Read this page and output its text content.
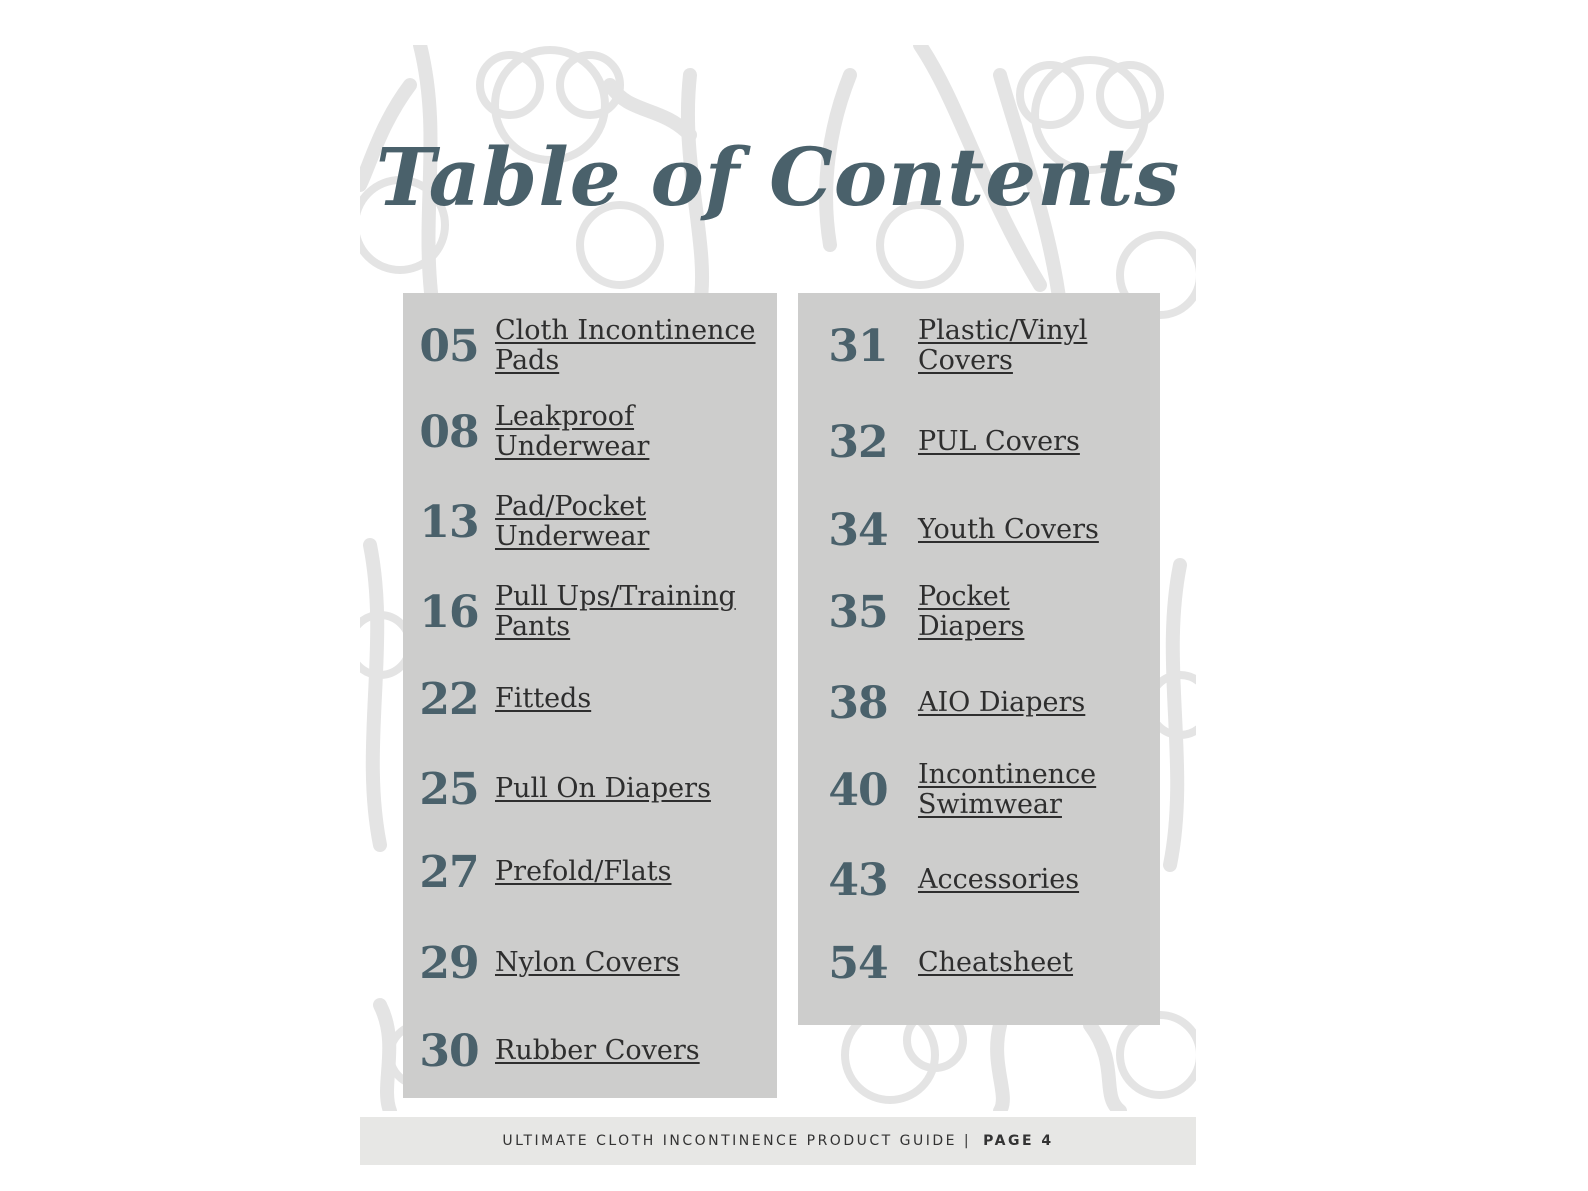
Table of Contents
05 Cloth Incontinence Pads
08 Leakproof Underwear
13 Pad/Pocket Underwear
16 Pull Ups/Training Pants
22 Fitteds
25 Pull On Diapers
27 Prefold/Flats
29 Nylon Covers
30 Rubber Covers
31	Plastic/Vinyl Covers
32	PUL Covers
34	Youth Covers
35	Pocket Diapers
38	AIO Diapers
40	Incontinence Swimwear
43	Accessories
54	Cheatsheet
ULTIMATE CLOTH INCONTINENCE PRODUCT GUIDE | PAGE 4
